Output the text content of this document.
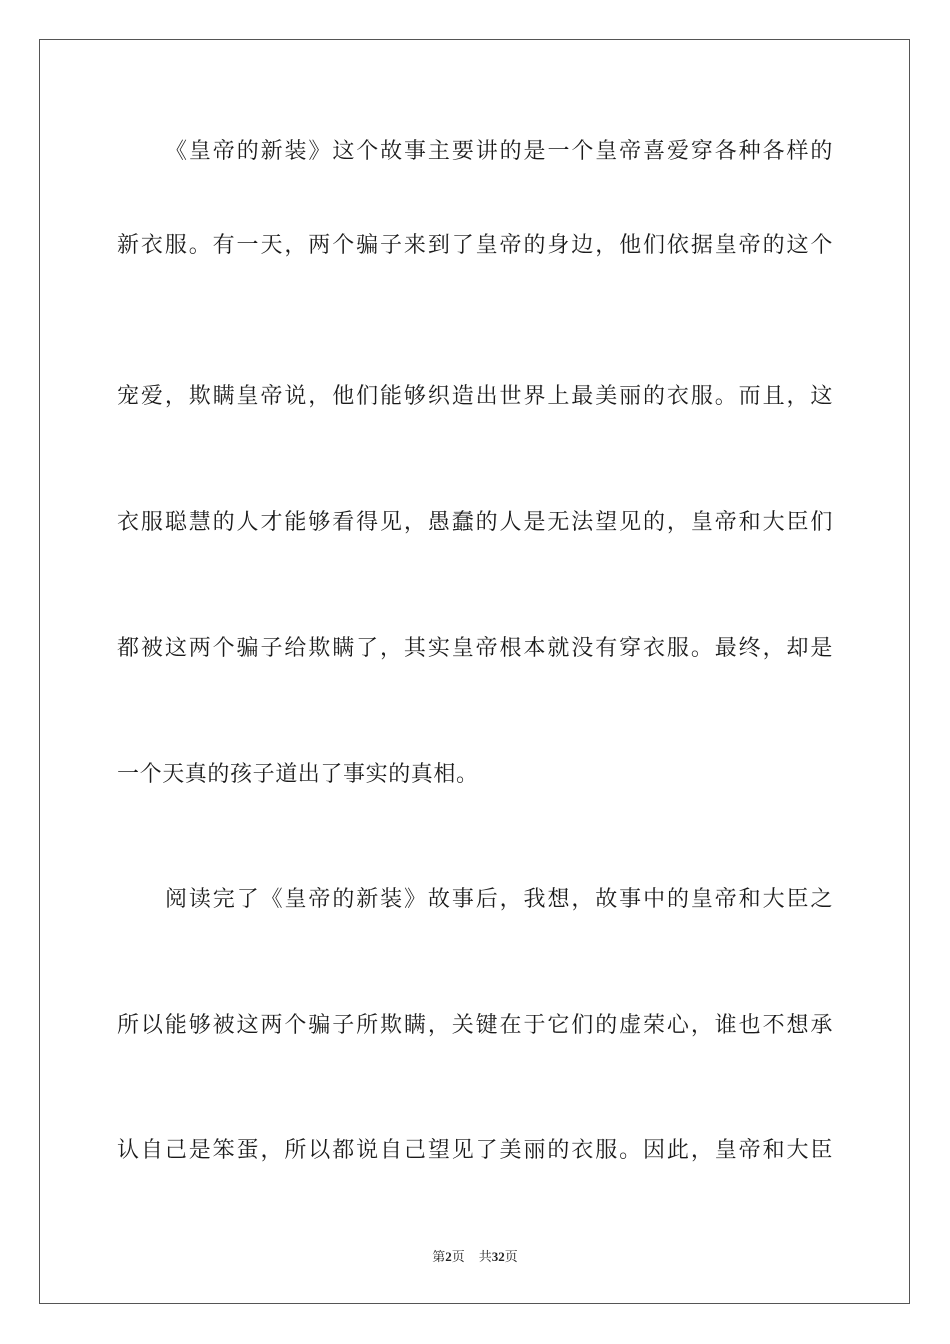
《皇帝的新装》这个故事主要讲的是一个皇帝喜爱穿各种各样的
新衣服。有一天，两个骗子来到了皇帝的身边，他们依据皇帝的这个
宠爱，欺瞒皇帝说，他们能够织造出世界上最美丽的衣服。而且，这
衣服聪慧的人才能够看得见，愚蠢的人是无法望见的，皇帝和大臣们
都被这两个骗子给欺瞒了，其实皇帝根本就没有穿衣服。最终，却是
一个天真的孩子道出了事实的真相。
阅读完了《皇帝的新装》故事后，我想，故事中的皇帝和大臣之
所以能够被这两个骗子所欺瞒，关键在于它们的虚荣心，谁也不想承
认自己是笨蛋，所以都说自己望见了美丽的衣服。因此，皇帝和大臣
第2页 共32页
